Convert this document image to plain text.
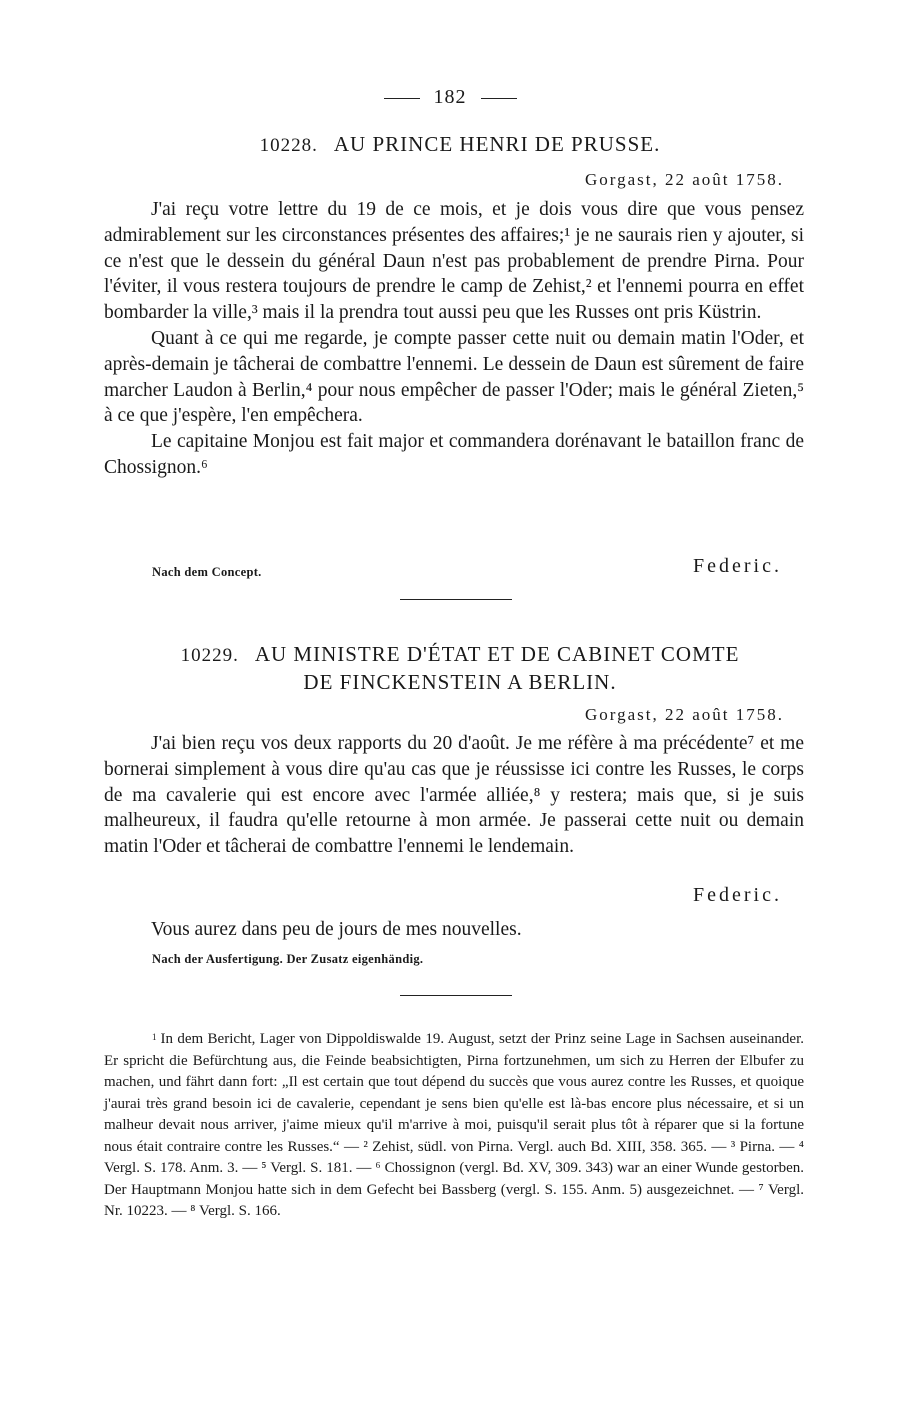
182
10228. AU PRINCE HENRI DE PRUSSE.
Gorgast, 22 août 1758.

J'ai reçu votre lettre du 19 de ce mois, et je dois vous dire que vous pensez admirablement sur les circonstances présentes des affaires;¹ je ne saurais rien y ajouter, si ce n'est que le dessein du général Daun n'est pas probablement de prendre Pirna. Pour l'éviter, il vous restera toujours de prendre le camp de Zehist,² et l'ennemi pourra en effet bombarder la ville,³ mais il la prendra tout aussi peu que les Russes ont pris Küstrin.

Quant à ce qui me regarde, je compte passer cette nuit ou demain matin l'Oder, et après-demain je tâcherai de combattre l'ennemi. Le dessein de Daun est sûrement de faire marcher Laudon à Berlin,⁴ pour nous empêcher de passer l'Oder; mais le général Zieten,⁵ à ce que j'espère, l'en empêchera.

Le capitaine Monjou est fait major et commandera dorénavant le bataillon franc de Chossignon.⁶

Nach dem Concept.	Federic.
10229. AU MINISTRE D'ÉTAT ET DE CABINET COMTE
DE FINCKENSTEIN A BERLIN.
Gorgast, 22 août 1758.

J'ai bien reçu vos deux rapports du 20 d'août. Je me réfère à ma précédente⁷ et me bornerai simplement à vous dire qu'au cas que je réussisse ici contre les Russes, le corps de ma cavalerie qui est encore avec l'armée alliée,⁸ y restera; mais que, si je suis malheureux, il faudra qu'elle retourne à mon armée. Je passerai cette nuit ou demain matin l'Oder et tâcherai de combattre l'ennemi le lendemain.

Federic.

Vous aurez dans peu de jours de mes nouvelles.

Nach der Ausfertigung. Der Zusatz eigenhändig.

$^1$ In dem Bericht, Lager von Dippoldiswalde 19. August, setzt der Prinz seine Lage in Sachsen auseinander. Er spricht die Befürchtung aus, die Feinde beabsichtigten, Pirna fortzunehmen, um sich zu Herren der Elbufer zu machen, und fährt dann fort: „Il est certain que tout dépend du succès que vous aurez contre les Russes, et quoique j'aurai très grand besoin ici de cavalerie, cependant je sens bien qu'elle est là-bas encore plus nécessaire, et si un malheur devait nous arriver, j'aime mieux qu'il m'arrive à moi, puisqu'il serait plus tôt à réparer que si la fortune nous était contraire contre les Russes.“ — ² Zehist, südl. von Pirna. Vergl. auch Bd. XIII, 358. 365. — ³ Pirna. — ⁴ Vergl. S. 178. Anm. 3. — ⁵ Vergl. S. 181. — ⁶ Chossignon (vergl. Bd. XV, 309. 343) war an einer Wunde gestorben. Der Hauptmann Monjou hatte sich in dem Gefecht bei Bassberg (vergl. S. 155. Anm. 5) ausgezeichnet. — ⁷ Vergl. Nr. 10223. — ⁸ Vergl. S. 166.
